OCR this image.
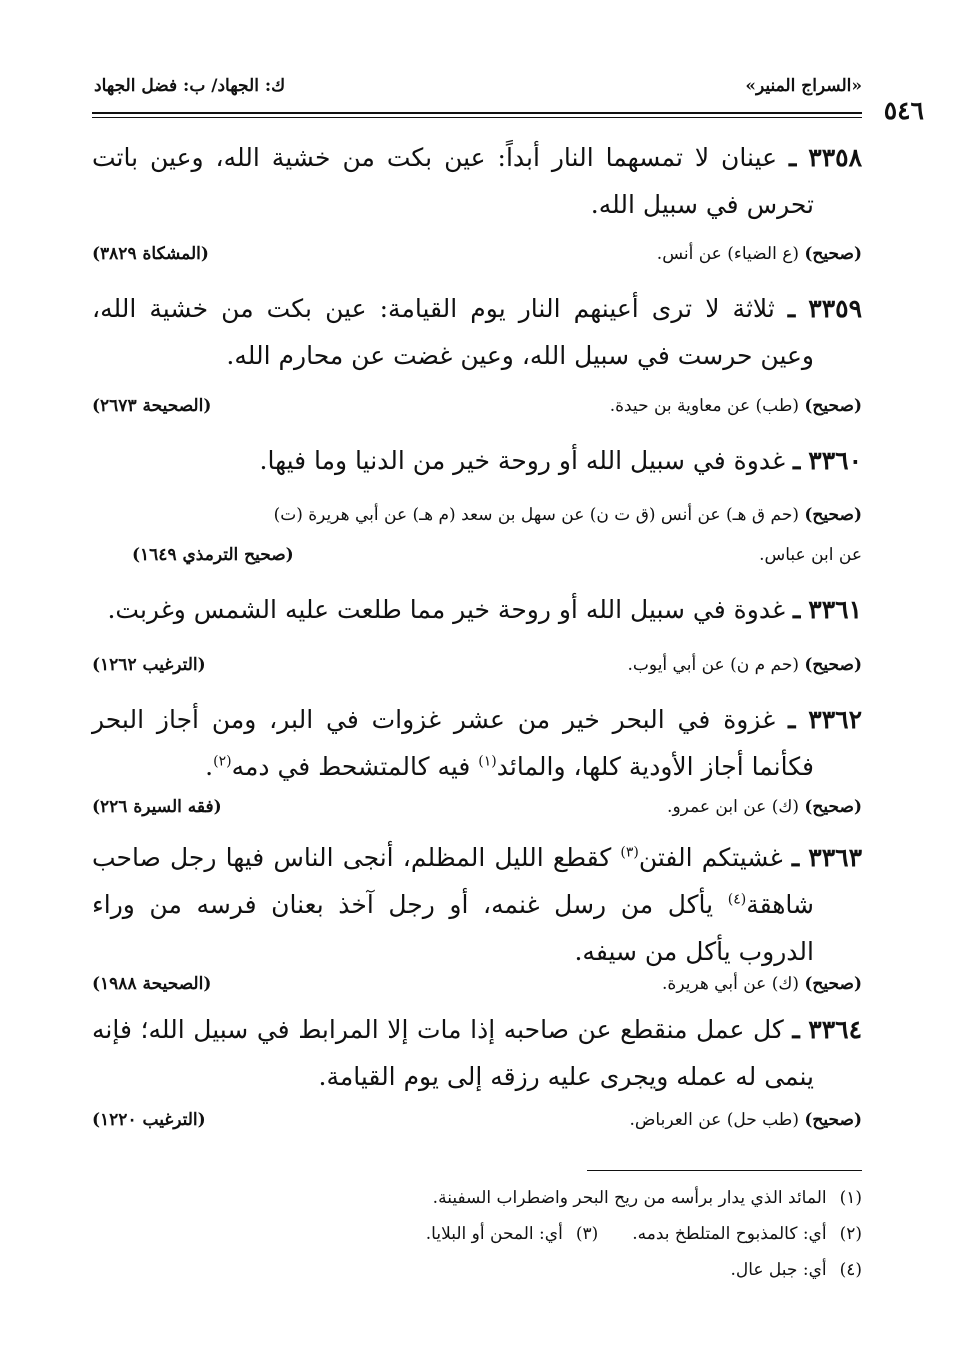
«السراج المنير»
ك: الجهاد/ ب: فضل الجهاد
٥٤٦
٣٣٥٨ ـ عينان لا تمسهما النار أبداً: عين بكت من خشية الله، وعين باتت
تحرس في سبيل الله.
(صحيح) (ع الضياء) عن أنس.
(المشكاة ٣٨٢٩)
٣٣٥٩ ـ ثلاثة لا ترى أعينهم النار يوم القيامة: عين بكت من خشية الله،
وعين حرست في سبيل الله، وعين غضت عن محارم الله.
(صحيح) (طب) عن معاوية بن حيدة.
(الصحيحة ٢٦٧٣)
٣٣٦٠ ـ غدوة في سبيل الله أو روحة خير من الدنيا وما فيها.
(صحيح) (حم ق هـ) عن أنس (ق ت ن) عن سهل بن سعد (م هـ) عن أبي هريرة (ت)
عن ابن عباس.
(صحيح الترمذي ١٦٤٩)
٣٣٦١ ـ غدوة في سبيل الله أو روحة خير مما طلعت عليه الشمس وغربت.
(صحيح) (حم م ن) عن أبي أيوب.
(الترغيب ١٢٦٢)
٣٣٦٢ ـ غزوة في البحر خير من عشر غزوات في البر، ومن أجاز البحر
فكأنما أجاز الأودية كلها، والمائد$^{(١)}$ فيه كالمتشحط في دمه$^{(٢)}$.
(صحيح) (ك) عن ابن عمرو.
(فقه السيرة ٢٢٦)
٣٣٦٣ ـ غشيتكم الفتن$^{(٣)}$ كقطع الليل المظلم، أنجى الناس فيها رجل صاحب
شاهقة$^{(٤)}$ يأكل من رسل غنمه، أو رجل آخذ بعنان فرسه من وراء
الدروب يأكل من سيفه.
(صحيح) (ك) عن أبي هريرة.
(الصحيحة ١٩٨٨)
٣٣٦٤ ـ كل عمل منقطع عن صاحبه إذا مات إلا المرابط في سبيل الله؛ فإنه
ينمى له عمله ويجرى عليه رزقه إلى يوم القيامة.
(صحيح) (طب حل) عن العرباض.
(الترغيب ١٢٢٠)
(١) المائد الذي يدار برأسه من ريح البحر واضطراب السفينة.
(٢) أي: كالمذبوح المتلطخ بدمه.(٣) أي: المحن أو البلايا.
(٤) أي: جبل عال.
